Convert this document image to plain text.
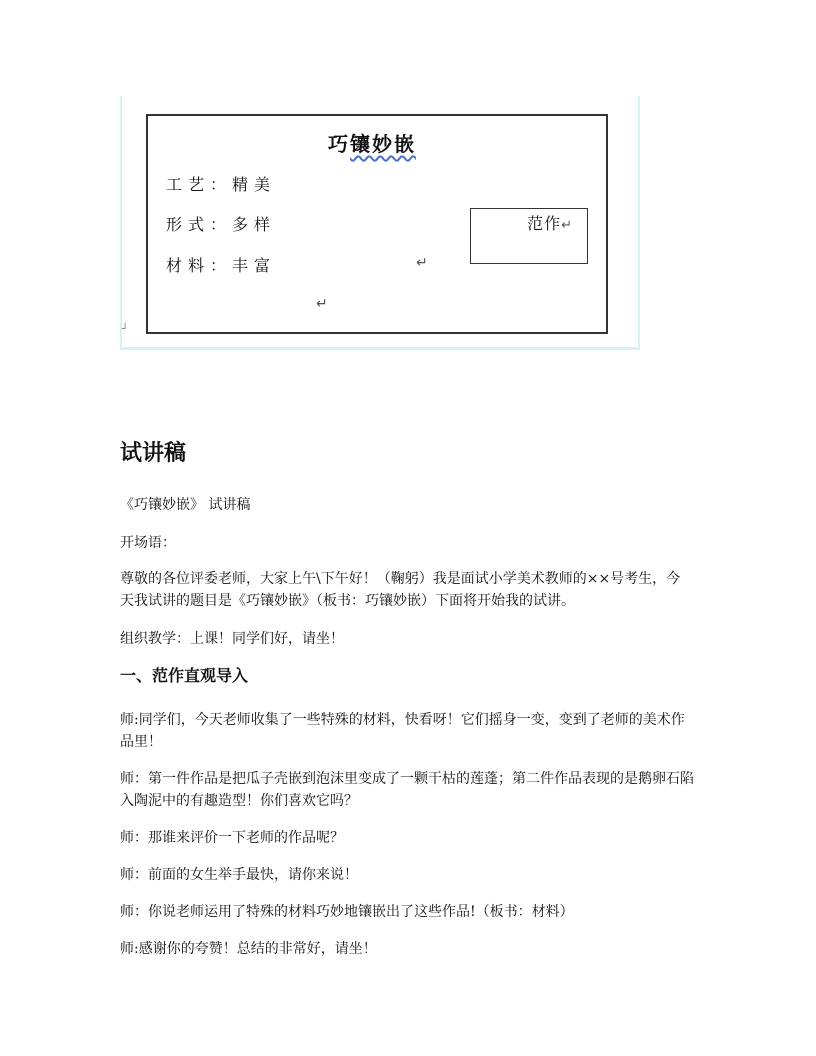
巧镶妙嵌
工艺：精美
形式：多样
材料：丰富	↵
↵
范作↵
┘
试讲稿

《巧镶妙嵌》 试讲稿

开场语：

尊敬的各位评委老师，大家上午\下午好！（鞠躬）我是面试小学美术教师的××号考生，今天我试讲的题目是《巧镶妙嵌》（板书：巧镶妙嵌）下面将开始我的试讲。

组织教学：上课！同学们好，请坐！

一、范作直观导入

师:同学们，今天老师收集了一些特殊的材料，快看呀！它们摇身一变，变到了老师的美术作品里！

师：第一件作品是把瓜子壳嵌到泡沫里变成了一颗干枯的莲蓬；第二件作品表现的是鹅卵石陷入陶泥中的有趣造型！你们喜欢它吗？

师：那谁来评价一下老师的作品呢？

师：前面的女生举手最快，请你来说！

师：你说老师运用了特殊的材料巧妙地镶嵌出了这些作品!（板书：材料）

师:感谢你的夸赞！总结的非常好，请坐！
